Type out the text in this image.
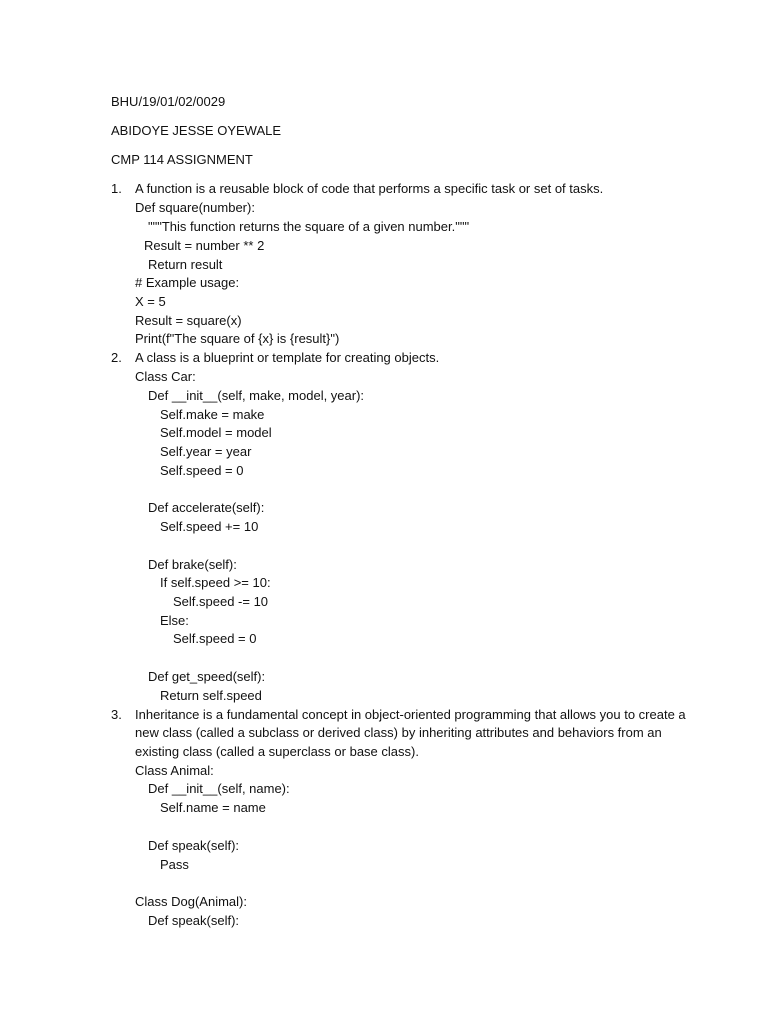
BHU/19/01/02/0029
ABIDOYE JESSE OYEWALE
CMP 114 ASSIGNMENT
1. A function is a reusable block of code that performs a specific task or set of tasks.
Def square(number):
"""This function returns the square of a given number."""
Result = number ** 2
Return result
# Example usage:
X = 5
Result = square(x)
Print(f"The square of {x} is {result}")
2. A class is a blueprint or template for creating objects.
Class Car:
Def __init__(self, make, model, year):
Self.make = make
Self.model = model
Self.year = year
Self.speed = 0
Def accelerate(self):
Self.speed += 10
Def brake(self):
If self.speed >= 10:
Self.speed -= 10
Else:
Self.speed = 0
Def get_speed(self):
Return self.speed
3. Inheritance is a fundamental concept in object-oriented programming that allows you to create a
new class (called a subclass or derived class) by inheriting attributes and behaviors from an
existing class (called a superclass or base class).
Class Animal:
Def __init__(self, name):
Self.name = name
Def speak(self):
Pass
Class Dog(Animal):
Def speak(self):
